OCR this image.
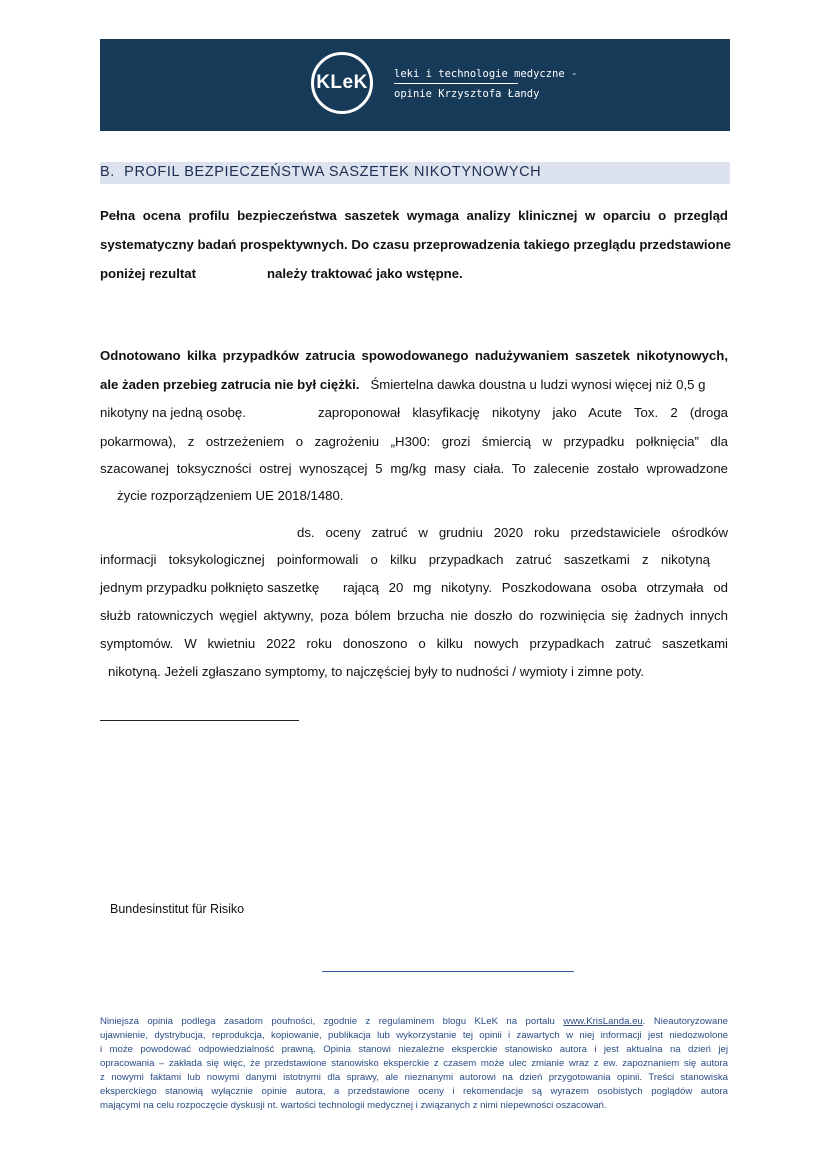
KLeK leki i technologie medyczne -
opinie Krzysztofa Łandy
B. PROFIL BEZPIECZEŃSTWA SASZETEK NIKOTYNOWYCH
Pełna ocena profilu bezpieczeństwa saszetek wymaga analizy klinicznej w oparciu o przegląd
systematyczny badań prospektywnych. Do czasu przeprowadzenia takiego przeglądu przedstawione
poniżej rezultat	należy traktować jako wstępne.
Odnotowano kilka przypadków zatrucia spowodowanego nadużywaniem saszetek nikotynowych,
ale żaden przebieg zatrucia nie był ciężki. Śmiertelna dawka doustna u ludzi wynosi więcej niż 0,5 g
nikotyny na jedną osobę.	zaproponował klasyfikację nikotyny jako Acute Tox. 2 (droga
pokarmowa), z ostrzeżeniem o zagrożeniu „H300: grozi śmiercią w przypadku połknięcia” dla
szacowanej toksyczności ostrej wynoszącej 5 mg/kg masy ciała. To zalecenie zostało wprowadzone
życie rozporządzeniem UE 2018/1480.
ds. oceny zatruć w grudniu 2020 roku przedstawiciele ośrodków
informacji toksykologicznej poinformowali o kilku przypadkach zatruć saszetkami z nikotyną
jednym przypadku połknięto saszetkę rającą 20 mg nikotyny. Poszkodowana osoba otrzymała od
służb ratowniczych węgiel aktywny, poza bólem brzucha nie doszło do rozwinięcia się żadnych innych
symptomów. W kwietniu 2022 roku donoszono o kilku nowych przypadkach zatruć saszetkami
nikotyną. Jeżeli zgłaszano symptomy, to najczęściej były to nudności / wymioty i zimne poty.
Bundesinstitut für Risiko
Niniejsza opinia podlega zasadom poufności, zgodnie z regulaminem blogu KLeK na portalu www.KrisLanda.eu. Nieautoryzowane
ujawnienie, dystrybucja, reprodukcja, kopiowanie, publikacja lub wykorzystanie tej opinii i zawartych w niej informacji jest niedozwolone
i może powodować odpowiedzialność prawną. Opinia stanowi niezależne eksperckie stanowisko autora i jest aktualna na dzień jej
opracowania – zakłada się więc, że przedstawione stanowisko eksperckie z czasem może ulec zmianie wraz z ew. zapoznaniem się autora
z nowymi faktami lub nowymi danymi istotnymi dla sprawy, ale nieznanymi autorowi na dzień przygotowania opinii. Treści stanowiska
eksperckiego stanowią wyłącznie opinie autora, a przedstawione oceny i rekomendacje są wyrazem osobistych poglądów autora
mającymi na celu rozpoczęcie dyskusji nt. wartości technologii medycznej i związanych z nimi niepewności oszacowań.
